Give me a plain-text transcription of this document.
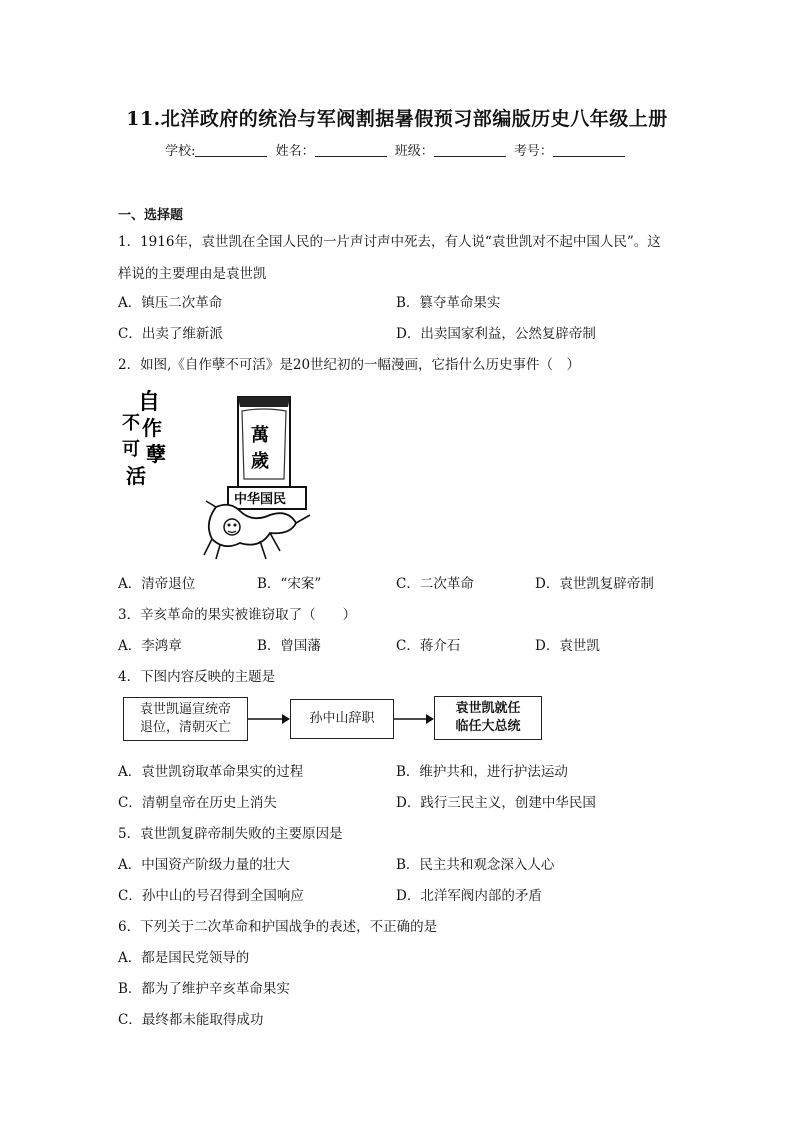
11.北洋政府的统治与军阀割据暑假预习部编版历史八年级上册
学校:	姓名：	班级：	考号：
一、选择题
1．1916年，袁世凯在全国人民的一片声讨声中死去，有人说“袁世凯对不起中国人民”。这
样说的主要理由是袁世凯
A．镇压二次革命	B．篡夺革命果实
C．出卖了维新派	D．出卖国家利益，公然复辟帝制
2．如图,《自作孽不可活》是20世纪初的一幅漫画，它指什么历史事件（　）
自
作
孽
不
可
活
萬
歲
中华国民
A．清帝退位	B．“宋案”	C．二次革命	D．袁世凯复辟帝制
3．辛亥革命的果实被谁窃取了（　　）
A．李鸿章	B．曾国藩	C．蒋介石	D．袁世凯
4．下图内容反映的主题是
袁世凯逼宣统帝
退位，清朝灭亡
孙中山辞职
袁世凯就任
临任大总统
A．袁世凯窃取革命果实的过程	B．维护共和，进行护法运动
C．清朝皇帝在历史上消失	D．践行三民主义，创建中华民国
5．袁世凯复辟帝制失败的主要原因是
A．中国资产阶级力量的壮大	B．民主共和观念深入人心
C．孙中山的号召得到全国响应	D．北洋军阀内部的矛盾
6．下列关于二次革命和护国战争的表述，不正确的是
A．都是国民党领导的
B．都为了维护辛亥革命果实
C．最终都未能取得成功
